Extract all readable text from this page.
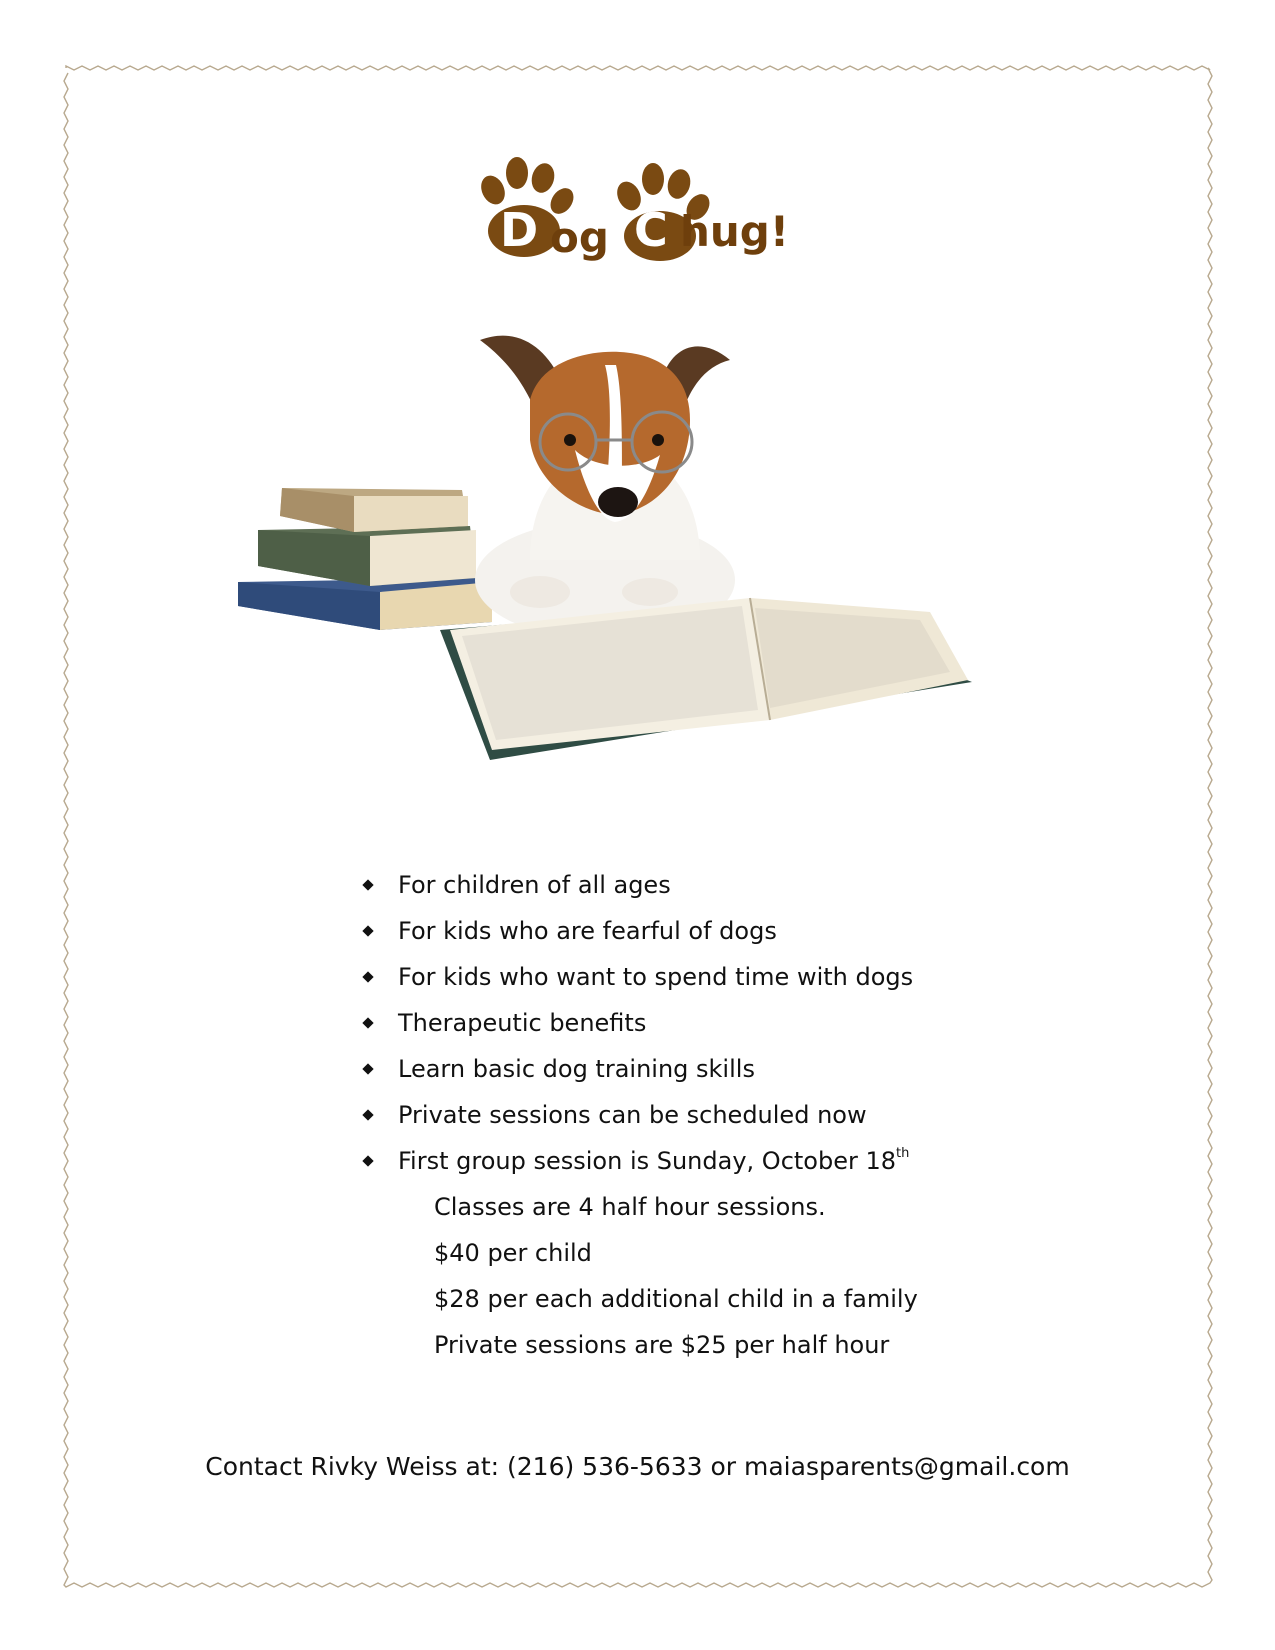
D og C hug!
For children of all ages
For kids who are fearful of dogs
For kids who want to spend time with dogs
Therapeutic benefits
Learn basic dog training skills
Private sessions can be scheduled now
First group session is Sunday, October 18th
Classes are 4 half hour sessions.
$40 per child
$28 per each additional child in a family
Private sessions are $25 per half hour
Contact Rivky Weiss at: (216) 536-5633 or maiasparents@gmail.com
